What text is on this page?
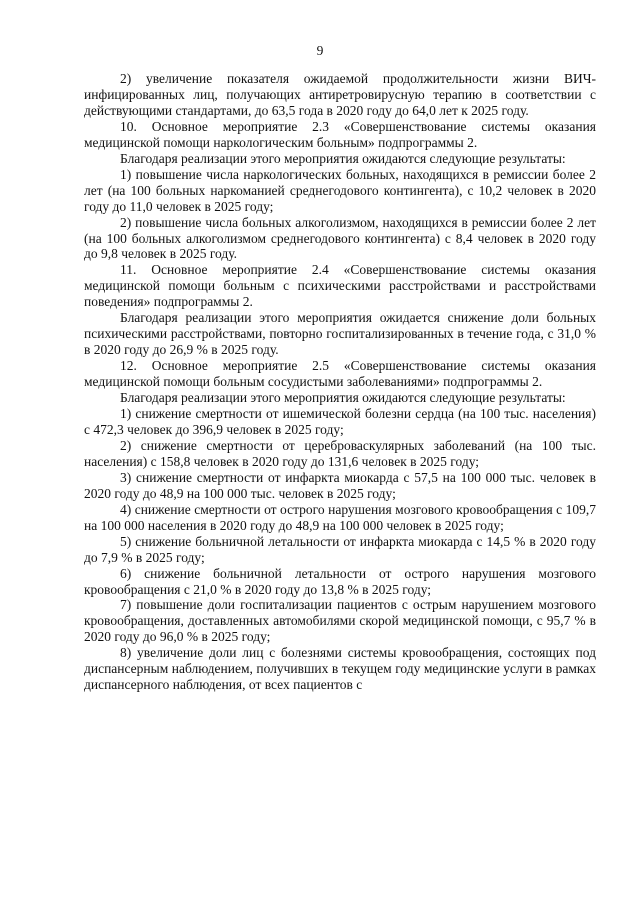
9

2) увеличение показателя ожидаемой продолжительности жизни ВИЧ-инфицированных лиц, получающих антиретровирусную терапию в соответствии с действующими стандартами, до 63,5 года в 2020 году до 64,0 лет к 2025 году.

10. Основное мероприятие 2.3 «Совершенствование системы оказания медицинской помощи наркологическим больным» подпрограммы 2.

Благодаря реализации этого мероприятия ожидаются следующие результаты:

1) повышение числа наркологических больных, находящихся в ремиссии более 2 лет (на 100 больных наркоманией среднегодового контингента), с 10,2 человек в 2020 году до 11,0 человек в 2025 году;

2) повышение числа больных алкоголизмом, находящихся в ремиссии более 2 лет (на 100 больных алкоголизмом среднегодового контингента) с 8,4 человек в 2020 году до 9,8 человек в 2025 году.

11. Основное мероприятие 2.4 «Совершенствование системы оказания медицинской помощи больным с психическими расстройствами и расстройствами поведения» подпрограммы 2.

Благодаря реализации этого мероприятия ожидается снижение доли больных психическими расстройствами, повторно госпитализированных в течение года, с 31,0 % в 2020 году до 26,9 % в 2025 году.

12. Основное мероприятие 2.5 «Совершенствование системы оказания медицинской помощи больным сосудистыми заболеваниями» подпрограммы 2.

Благодаря реализации этого мероприятия ожидаются следующие результаты:

1) снижение смертности от ишемической болезни сердца (на 100 тыс. населения) с 472,3 человек до 396,9 человек в 2025 году;

2) снижение смертности от цереброваскулярных заболеваний (на 100 тыс. населения) с 158,8 человек в 2020 году до 131,6 человек в 2025 году;

3) снижение смертности от инфаркта миокарда с 57,5 на 100 000 тыс. человек в 2020 году до 48,9 на 100 000 тыс. человек в 2025 году;

4) снижение смертности от острого нарушения мозгового кровообращения с 109,7 на 100 000 населения в 2020 году до 48,9 на 100 000 человек в 2025 году;

5) снижение больничной летальности от инфаркта миокарда с 14,5 % в 2020 году до 7,9 % в 2025 году;

6) снижение больничной летальности от острого нарушения мозгового кровообращения с 21,0 % в 2020 году до 13,8 % в 2025 году;

7) повышение доли госпитализации пациентов с острым нарушением мозгового кровообращения, доставленных автомобилями скорой медицинской помощи, с 95,7 % в 2020 году до 96,0 % в 2025 году;

8) увеличение доли лиц с болезнями системы кровообращения, состоящих под диспансерным наблюдением, получивших в текущем году медицинские услуги в рамках диспансерного наблюдения, от всех пациентов с
